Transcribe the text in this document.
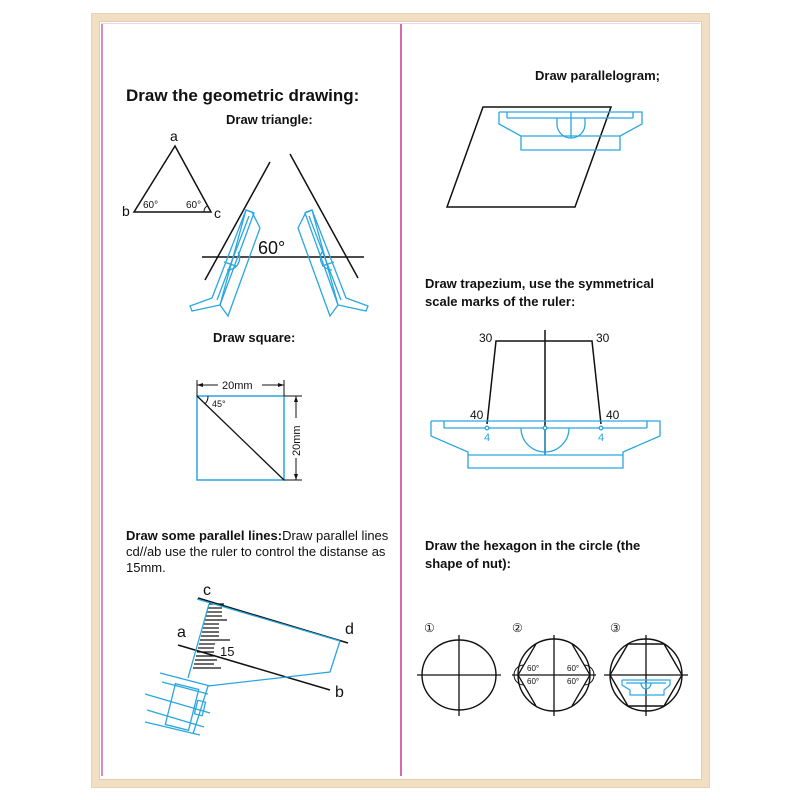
Draw the geometric drawing:
Draw triangle:
Draw square:
Draw some parallel lines:Draw parallel lines cd//ab use the ruler to control the distanse as 15mm.
Draw parallelogram;
Draw trapezium, use the symmetrical
scale marks of the ruler:
Draw the hexagon in the circle (the
shape of nut):
a
b	c
60°	60°
60°
20mm
20mm
45°
c
d
a
b
15
30	30
40	40
4	4
①	②
60°
60°
60°
60°
③
